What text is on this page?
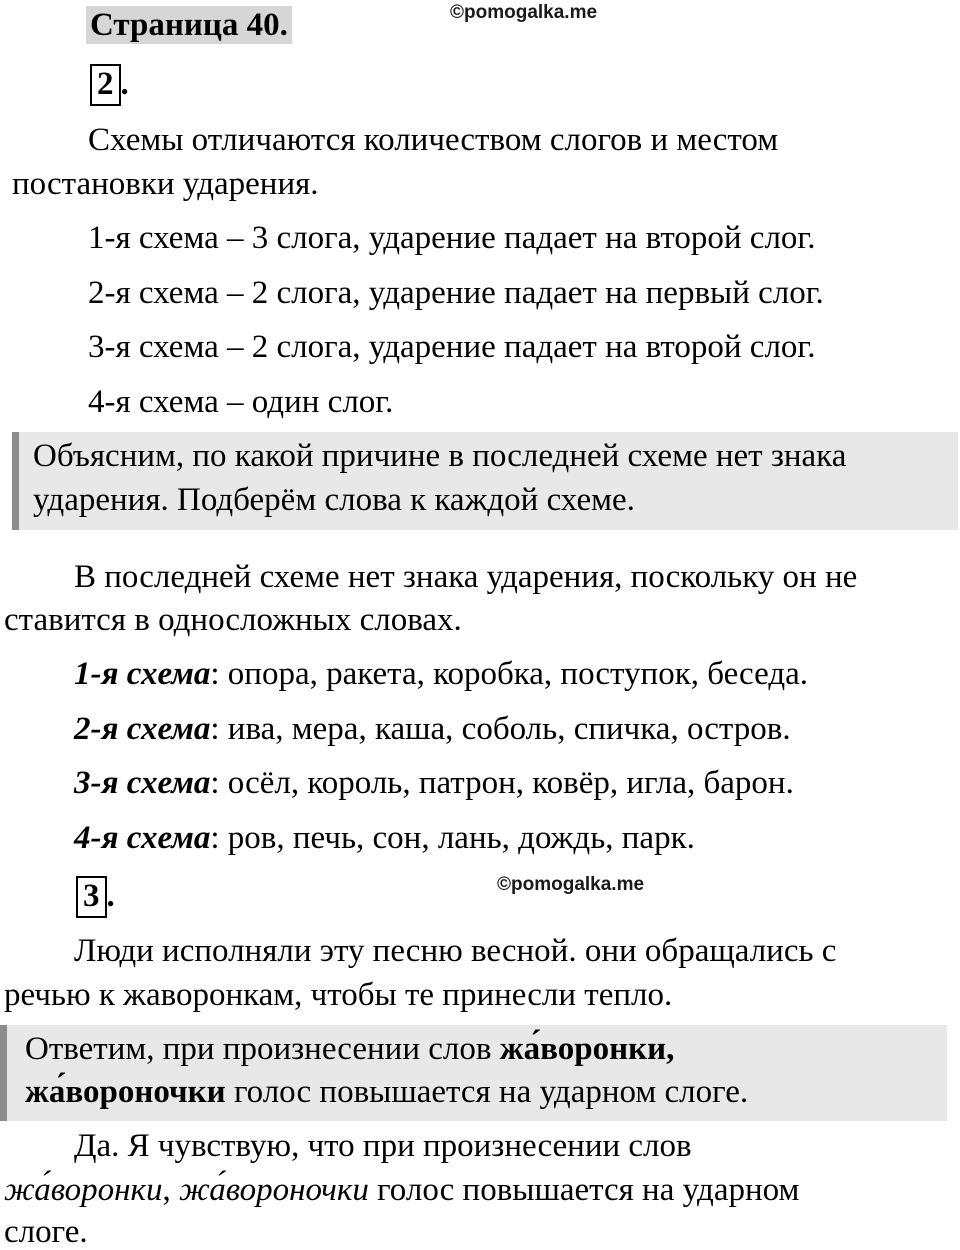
Страница 40.	©pomogalka.me
2 .
Схемы отличаются количеством слогов и местом
постановки ударения.
1-я схема – 3 слога, ударение падает на второй слог.
2-я схема – 2 слога, ударение падает на первый слог.
3-я схема – 2 слога, ударение падает на второй слог.
4-я схема – один слог.
Объясним, по какой причине в последней схеме нет знака
ударения. Подберём слова к каждой схеме.
В последней схеме нет знака ударения, поскольку он не
ставится в односложных словах.
1-я схема: опора, ракета, коробка, поступок, беседа.
2-я схема: ива, мера, каша, соболь, спичка, остров.
3-я схема: осёл, король, патрон, ковёр, игла, барон.
4-я схема: ров, печь, сон, лань, дождь, парк.
3 .	©pomogalka.me
Люди исполняли эту песню весной. они обращались с
речью к жаворонкам, чтобы те принесли тепло.
Ответим, при произнесении слов жа́воронки,
жа́вороночки голос повышается на ударном слоге.
Да. Я чувствую, что при произнесении слов
жа́воронки, жа́вороночки голос повышается на ударном
слоге.
